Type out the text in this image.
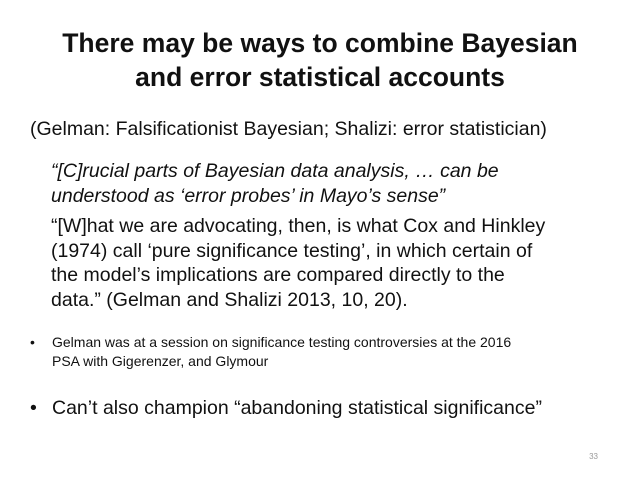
There may be ways to combine Bayesian
and error statistical accounts
(Gelman: Falsificationist Bayesian; Shalizi: error statistician)
“[C]rucial parts of Bayesian data analysis, … can be
understood as ‘error probes’ in Mayo’s sense”
“[W]hat we are advocating, then, is what Cox and Hinkley
(1974) call ‘pure significance testing’, in which certain of
the model’s implications are compared directly to the
data.” (Gelman and Shalizi 2013, 10, 20).
•	Gelman was at a session on significance testing controversies at the 2016
PSA with Gigerenzer, and Glymour
• Can’t also champion “abandoning statistical significance”
33
